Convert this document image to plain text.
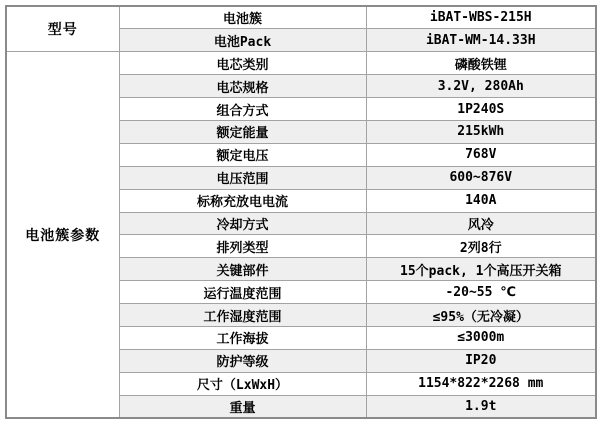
型号	电池簇	iBAT-WBS-215H
	电池Pack	iBAT-WM-14.33H
电池簇参数	电芯类别	磷酸铁锂
	电芯规格	3.2V, 280Ah
	组合方式	1P240S
	额定能量	215kWh
	额定电压	768V
	电压范围	600~876V
	标称充放电电流	140A
	冷却方式	风冷
	排列类型	2列8行
	关键部件	15个pack, 1个高压开关箱
	运行温度范围	-20~55 ℃
	工作湿度范围	≤95%（无冷凝）
	工作海拔	≤3000m
	防护等级	IP20
	尺寸（LxWxH）	1154*822*2268 mm
	重量	1.9t
